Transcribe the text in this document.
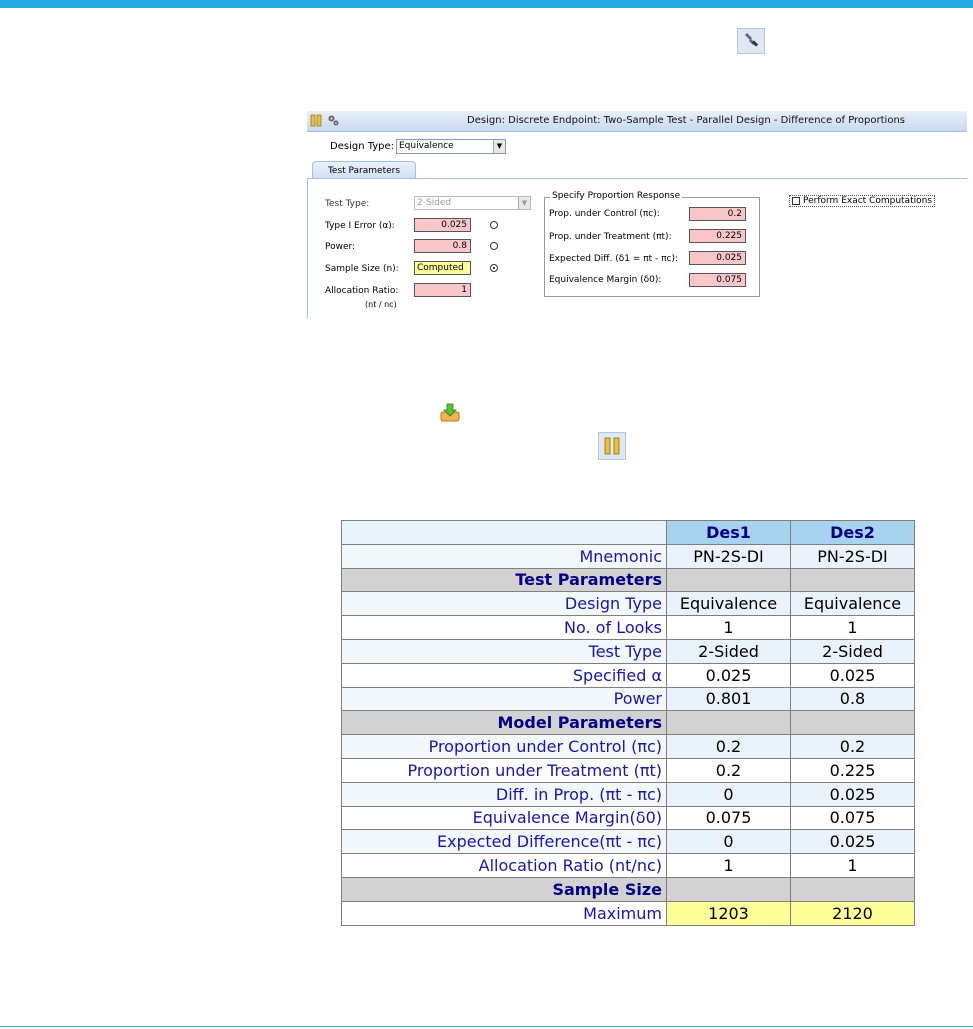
Design: Discrete Endpoint: Two-Sample Test - Parallel Design - Difference of Proportions
Design Type: Equivalence	▼
Test Parameters
Test Type:	2-Sided	▼
Type I Error (α):	0.025
Power:	0.8
Sample Size (n):	Computed
Allocation Ratio:
(nt / nc)
1
Specify Proportion Response
Prop. under Control (πc):	0.2
Prop. under Treatment (πt):	0.225
Expected Diff. (δ1 = πt - πc):	0.025
Equivalence Margin (δ0):	0.075
Perform Exact Computations
	Des1	Des2
Mnemonic	PN-2S-DI	PN-2S-DI
Test Parameters		
Design Type	Equivalence	Equivalence
No. of Looks	1	1
Test Type	2-Sided	2-Sided
Specified α	0.025	0.025
Power	0.801	0.8
Model Parameters		
Proportion under Control (πc)	0.2	0.2
Proportion under Treatment (πt)	0.2	0.225
Diff. in Prop. (πt - πc)	0	0.025
Equivalence Margin(δ0)	0.075	0.075
Expected Difference(πt - πc)	0	0.025
Allocation Ratio (nt/nc)	1	1
Sample Size		
Maximum	1203	2120
